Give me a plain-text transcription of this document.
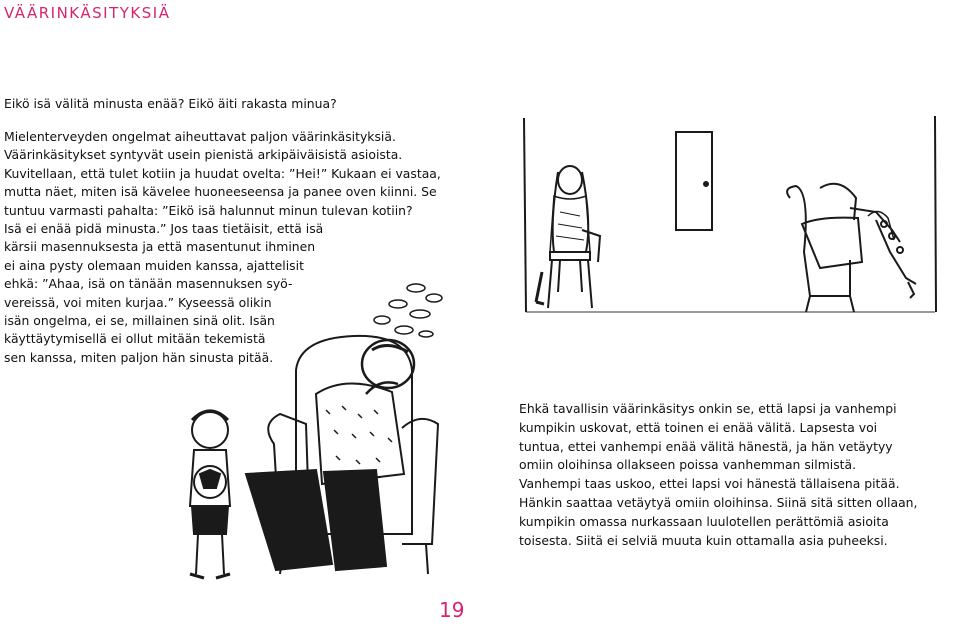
VÄÄRINKÄSITYKSIÄ

Eikö isä välitä minusta enää? Eikö äiti rakasta minua?

Mielenterveyden ongelmat aiheuttavat paljon väärinkäsityksiä.

Väärinkäsitykset syntyvät usein pienistä arkipäiväisistä asioista.

Kuvitellaan, että tulet kotiin ja huudat ovelta: ”Hei!” Kukaan ei vastaa,

mutta näet, miten isä kävelee huoneeseensa ja panee oven kiinni. Se

tuntuu varmasti pahalta: ”Eikö isä halunnut minun tulevan kotiin?

Isä ei enää pidä minusta.” Jos taas tietäisit, että isä

kärsii masennuksesta ja että masentunut ihminen

ei aina pysty olemaan muiden kanssa, ajattelisit

ehkä: ”Ahaa, isä on tänään masennuksen syö-

vereissä, voi miten kurjaa.” Kyseessä olikin

isän ongelma, ei se, millainen sinä olit. Isän

käyttäytymisellä ei ollut mitään tekemistä

sen kanssa, miten paljon hän sinusta pitää.

Ehkä tavallisin väärinkäsitys onkin se, että lapsi ja vanhempi

kumpikin uskovat, että toinen ei enää välitä. Lapsesta voi

tuntua, ettei vanhempi enää välitä hänestä, ja hän vetäytyy

omiin oloihinsa ollakseen poissa vanhemman silmistä.

Vanhempi taas uskoo, ettei lapsi voi hänestä tällaisena pitää.

Hänkin saattaa vetäytyä omiin oloihinsa. Siinä sitä sitten ollaan,

kumpikin omassa nurkassaan luulotellen perättömiä asioita

toisesta. Siitä ei selviä muuta kuin ottamalla asia puheeksi.

19
